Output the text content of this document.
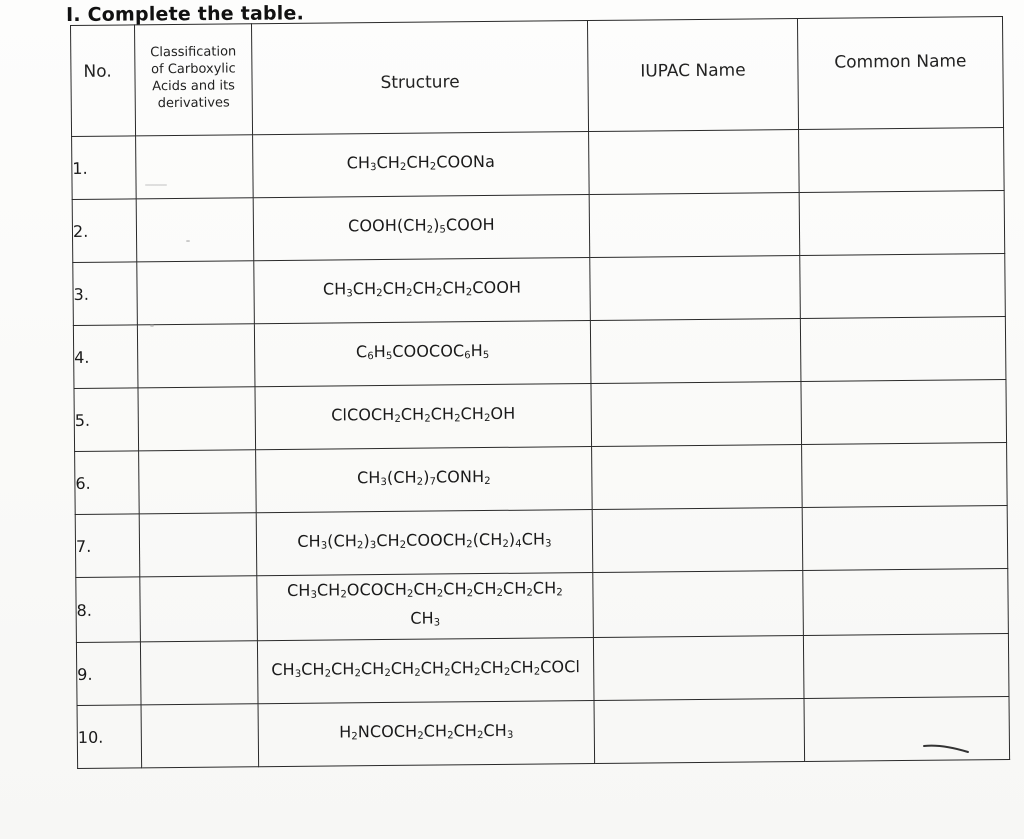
I. Complete the table.
No.	Classification
of Carboxylic
Acids and its
derivatives	Structure	IUPAC Name	Common Name
1.		$CH_3CH_2CH_2COONa$		
2.		$COOH(CH_2)_5COOH$		
3.		$CH_3CH_2CH_2CH_2CH_2COOH$		
4.		$C_6H_5COOCOC_6H_5$		
5.		$ClCOCH_2CH_2CH_2CH_2OH$		
6.		$CH_3(CH_2)_7CONH_2$		
7.		$CH_3(CH_2)_3CH_2COOCH_2(CH_2)_4CH_3$		
8.		$CH_3CH_2OCOCH_2CH_2CH_2CH_2CH_2CH_2$
$CH_3$		
9.		$CH_3CH_2CH_2CH_2CH_2CH_2CH_2CH_2CH_2COCl$		
10.		$H_2NCOCH_2CH_2CH_2CH_3$		
